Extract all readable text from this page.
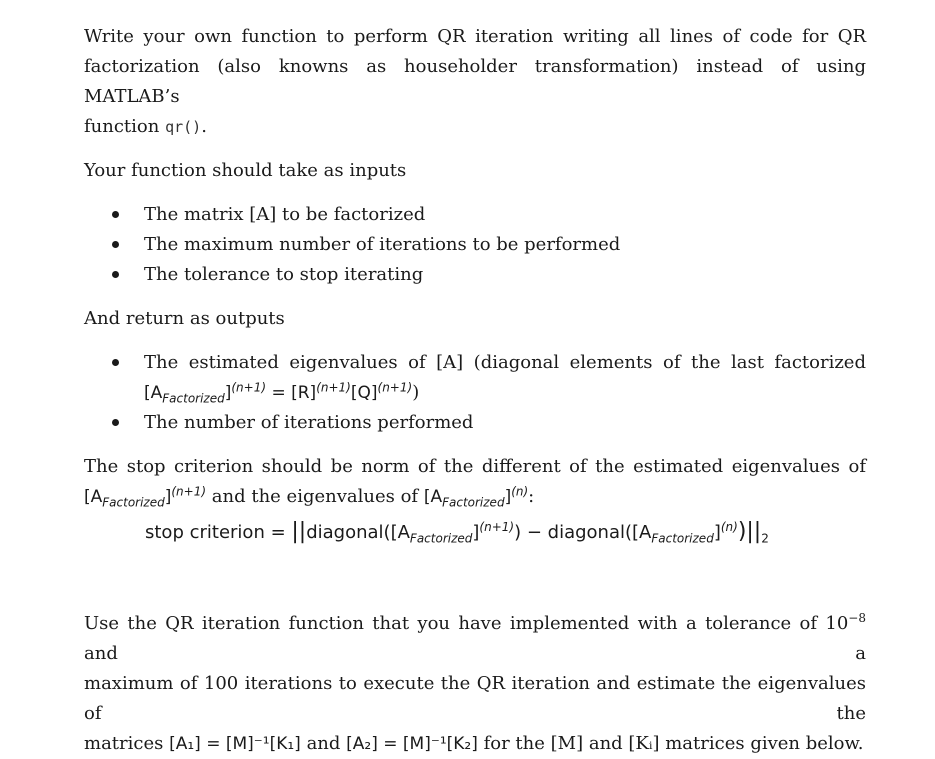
Write your own function to perform QR iteration writing all lines of code for QR
factorization (also knowns as householder transformation) instead of using MATLAB’s
function qr().

Your function should take as inputs

The matrix [A] to be factorized
The maximum number of iterations to be performed
The tolerance to stop iterating

And return as outputs

The estimated eigenvalues of [A] (diagonal elements of the last factorized
$[A_{Factorized}]^{(n+1)} = [R]^{(n+1)}[Q]^{(n+1)}$)
The number of iterations performed

The stop criterion should be norm of the different of the estimated eigenvalues of
$[A_{Factorized}]^{(n+1)}$ and the eigenvalues of $[A_{Factorized}]^{(n)}$:

stop criterion = $||diagonal([A_{Factorized}]^{(n+1)})$ − $diagonal([A_{Factorized}]^{(n)})||_2$

Use the QR iteration function that you have implemented with a tolerance of $10^{-8}$ and a
maximum of 100 iterations to execute the QR iteration and estimate the eigenvalues of the
matrices [A₁] = [M]⁻¹[K₁] and [A₂] = [M]⁻¹[K₂] for the [M] and [Kᵢ] matrices given below.
